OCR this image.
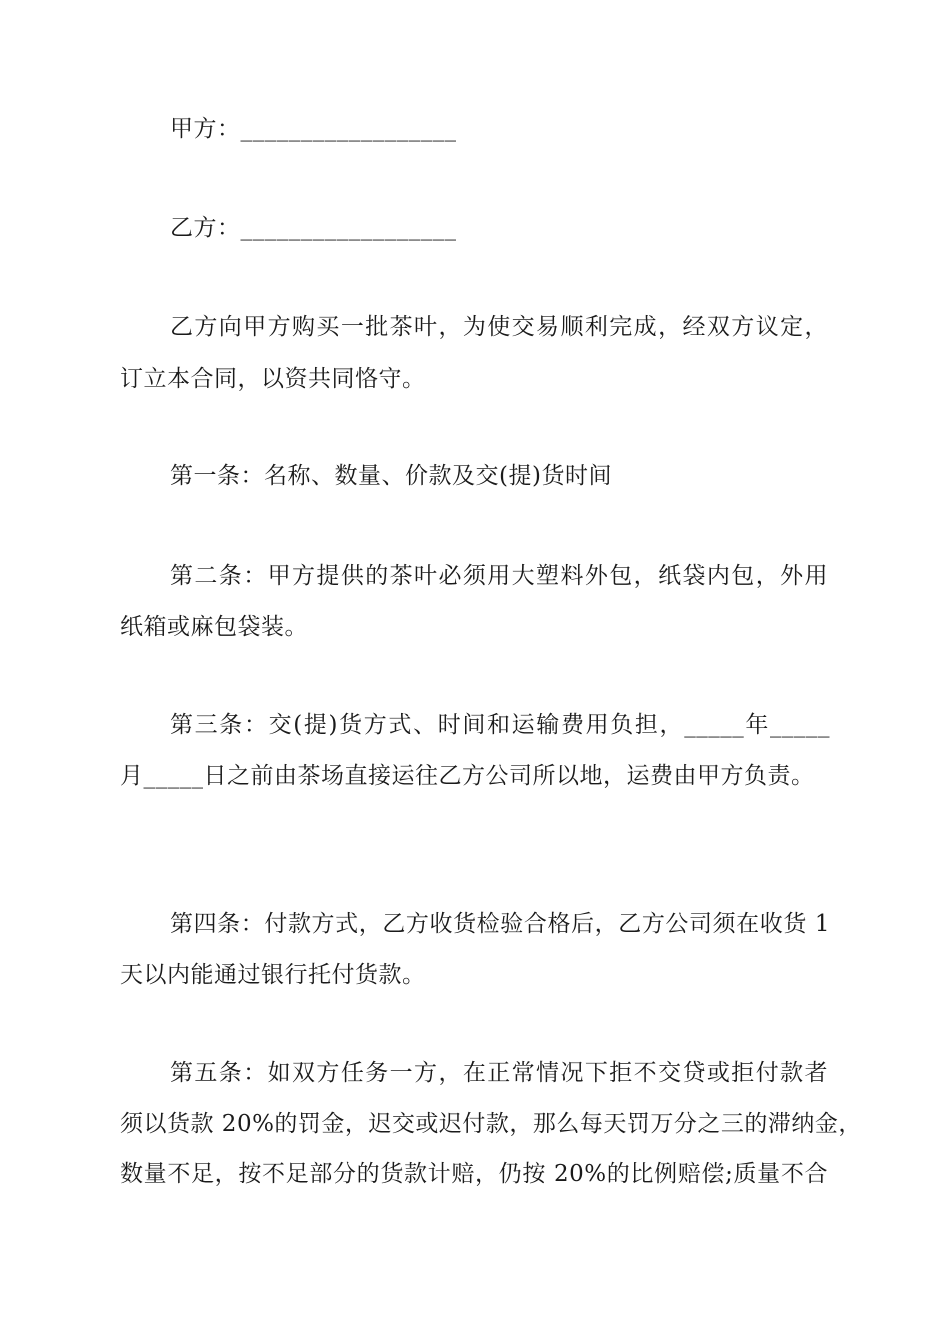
甲方：__________________
乙方：__________________
乙方向甲方购买一批茶叶，为使交易顺利完成，经双方议定，
订立本合同，以资共同恪守。
第一条：名称、数量、价款及交(提)货时间
第二条：甲方提供的茶叶必须用大塑料外包，纸袋内包，外用
纸箱或麻包袋装。
第三条：交(提)货方式、时间和运输费用负担，_____年_____
月_____日之前由茶场直接运往乙方公司所以地，运费由甲方负责。
第四条：付款方式，乙方收货检验合格后，乙方公司须在收货 1
天以内能通过银行托付货款。
第五条：如双方任务一方，在正常情况下拒不交贷或拒付款者
须以货款 20%的罚金，迟交或迟付款，那么每天罚万分之三的滞纳金，
数量不足，按不足部分的货款计赔，仍按 20%的比例赔偿;质量不合
